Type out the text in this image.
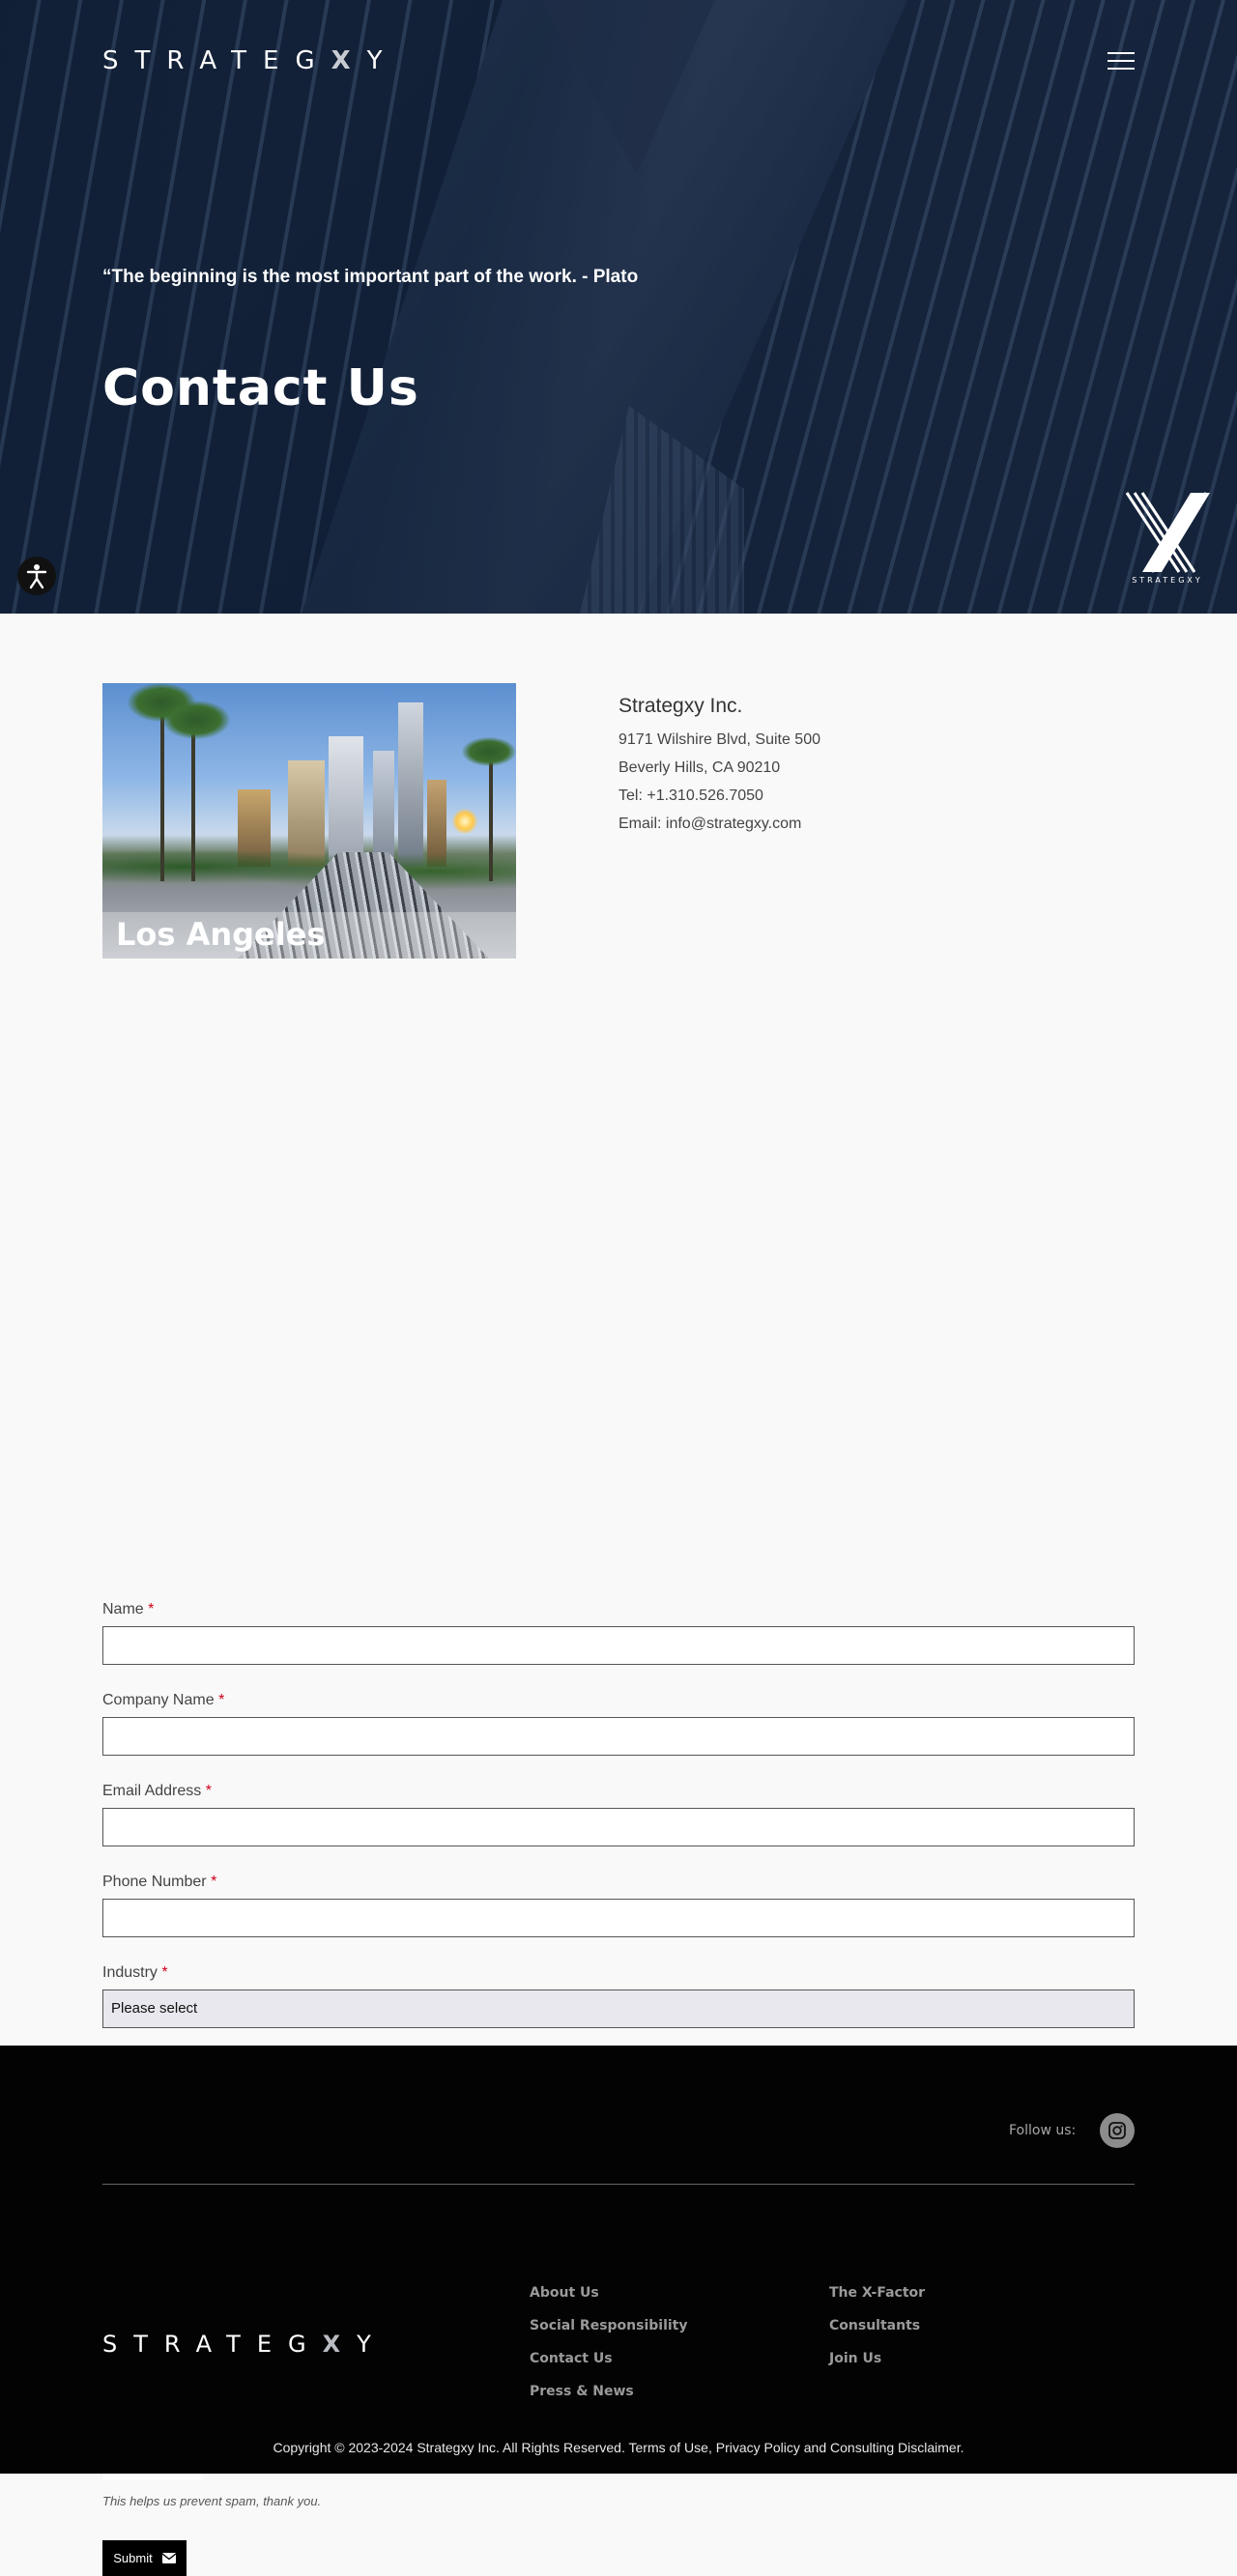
STRATEGXY
“The beginning is the most important part of the work. - Plato
Contact Us
STRATEGXY
Los Angeles
Strategxy Inc.
9171 Wilshire Blvd, Suite 500
Beverly Hills, CA 90210
Tel: +1.310.526.7050
Email: info@strategxy.com
Name *
Company Name *
Email Address *
Phone Number *
Industry *
Please select
This helps us prevent spam, thank you.
Submit
Follow us:
STRATEGXY
About Us
Social Responsibility
Contact Us
Press & News
The X-Factor
Consultants
Join Us
Copyright © 2023-2024 Strategxy Inc. All Rights Reserved. Terms of Use, Privacy Policy and Consulting Disclaimer.
